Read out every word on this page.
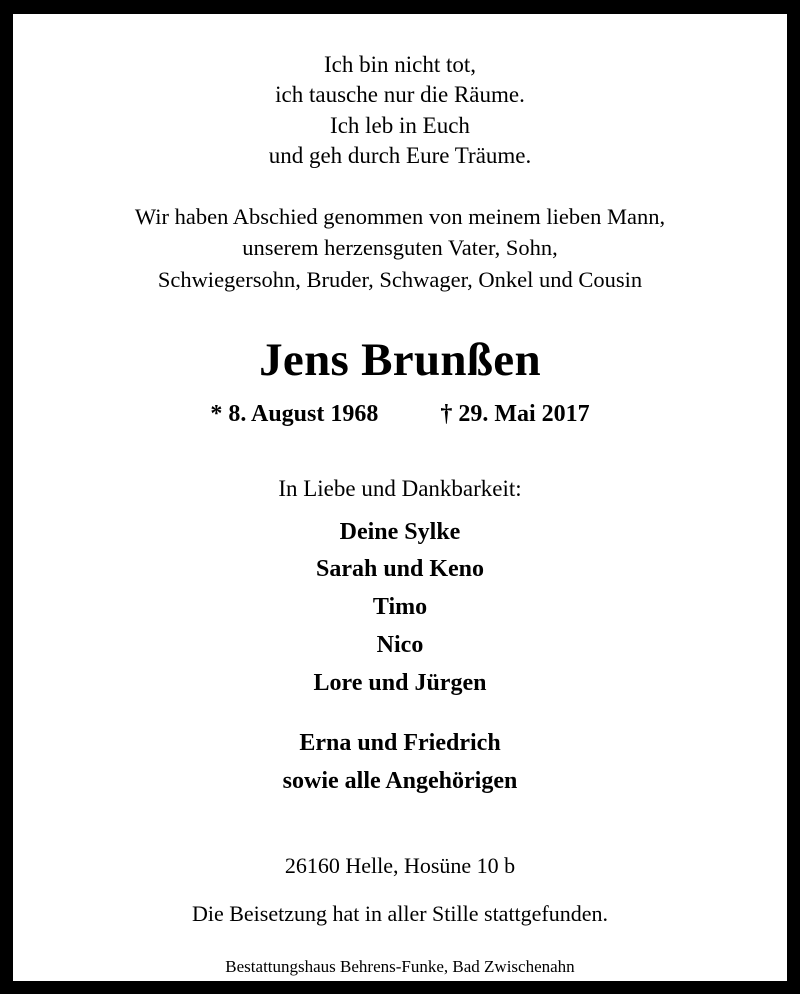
Ich bin nicht tot,
ich tausche nur die Räume.
Ich leb in Euch
und geh durch Eure Träume.
Wir haben Abschied genommen von meinem lieben Mann,
unserem herzensguten Vater, Sohn,
Schwiegersohn, Bruder, Schwager, Onkel und Cousin
Jens Brunßen
* 8. August 1968	† 29. Mai 2017
In Liebe und Dankbarkeit:
Deine Sylke
Sarah und Keno
Timo
Nico
Lore und Jürgen
Erna und Friedrich
sowie alle Angehörigen
26160 Helle, Hosüne 10 b
Die Beisetzung hat in aller Stille stattgefunden.
Bestattungshaus Behrens-Funke, Bad Zwischenahn
